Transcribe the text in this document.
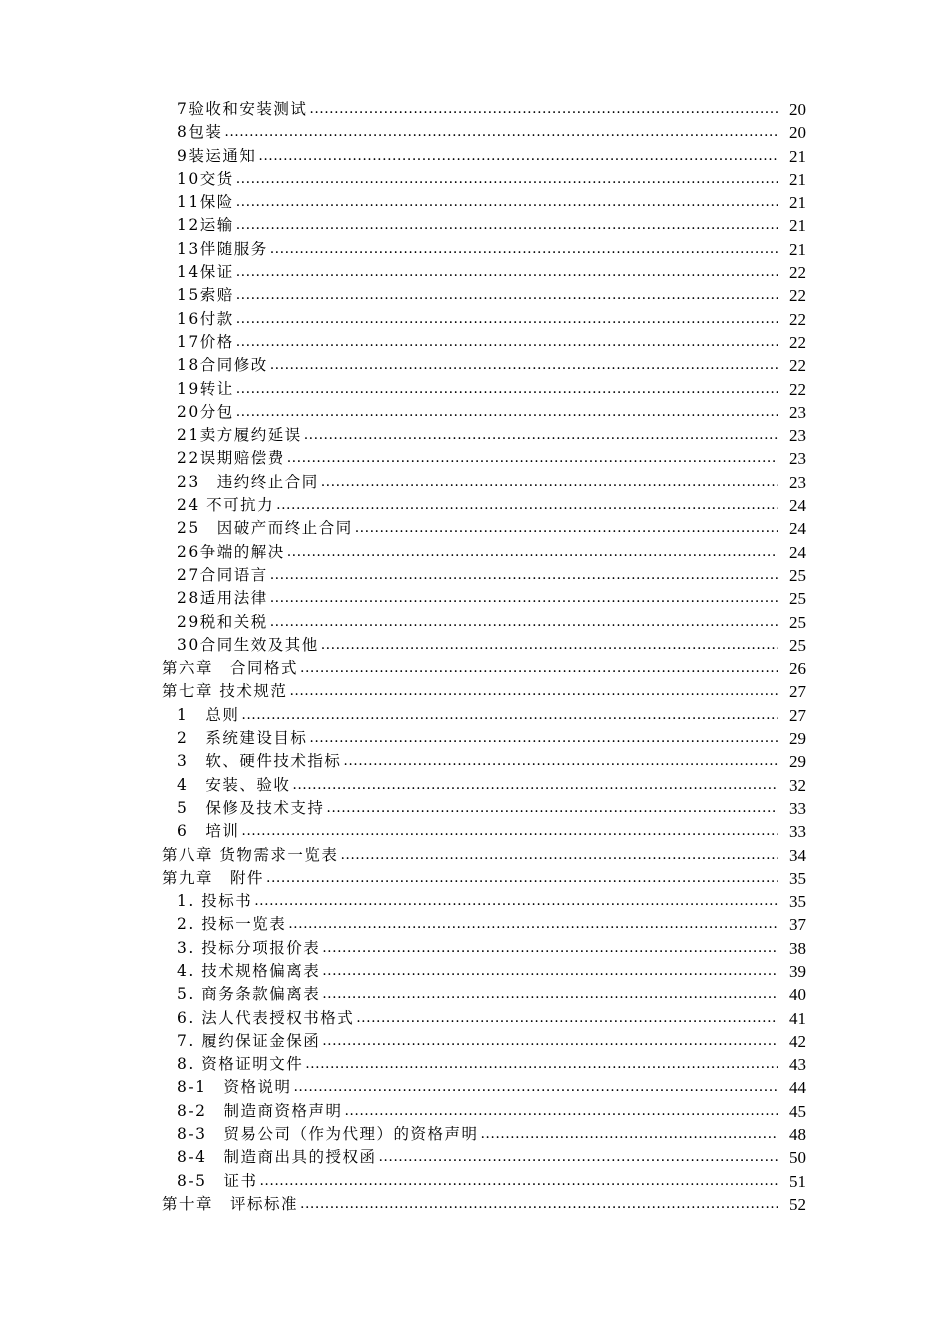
7验收和安装测试 .....	20
8包装 .....	20
9装运通知 .....	21
10交货 .....	21
11保险 .....	21
12运输 .....	21
13伴随服务 .....	21
14保证 .....	22
15索赔 .....	22
16付款 .....	22
17价格 .....	22
18合同修改 .....	22
19转让 .....	22
20分包 .....	23
21卖方履约延误 .....	23
22误期赔偿费 .....	23
23　违约终止合同 .....	23
24 不可抗力 .....	24
25　因破产而终止合同 .....	24
26争端的解决 .....	24
27合同语言 .....	25
28适用法律 .....	25
29税和关税 .....	25
30合同生效及其他 .....	25
第六章　合同格式 .....	26
第七章 技术规范 .....	27
1　总则 .....	27
2　系统建设目标 .....	29
3　软、硬件技术指标 .....	29
4　安装、验收 .....	32
5　保修及技术支持 .....	33
6　培训 .....	33
第八章 货物需求一览表 .....	34
第九章　附件 .....	35
1. 投标书 .....	35
2. 投标一览表 .....	37
3. 投标分项报价表 .....	38
4. 技术规格偏离表 .....	39
5. 商务条款偏离表 .....	40
6. 法人代表授权书格式 .....	41
7. 履约保证金保函 .....	42
8. 资格证明文件 .....	43
8-1　资格说明 .....	44
8-2　制造商资格声明 .....	45
8-3　贸易公司（作为代理）的资格声明 .....	48
8-4　制造商出具的授权函 .....	50
8-5　证书 .....	51
第十章　评标标准 .....	52
